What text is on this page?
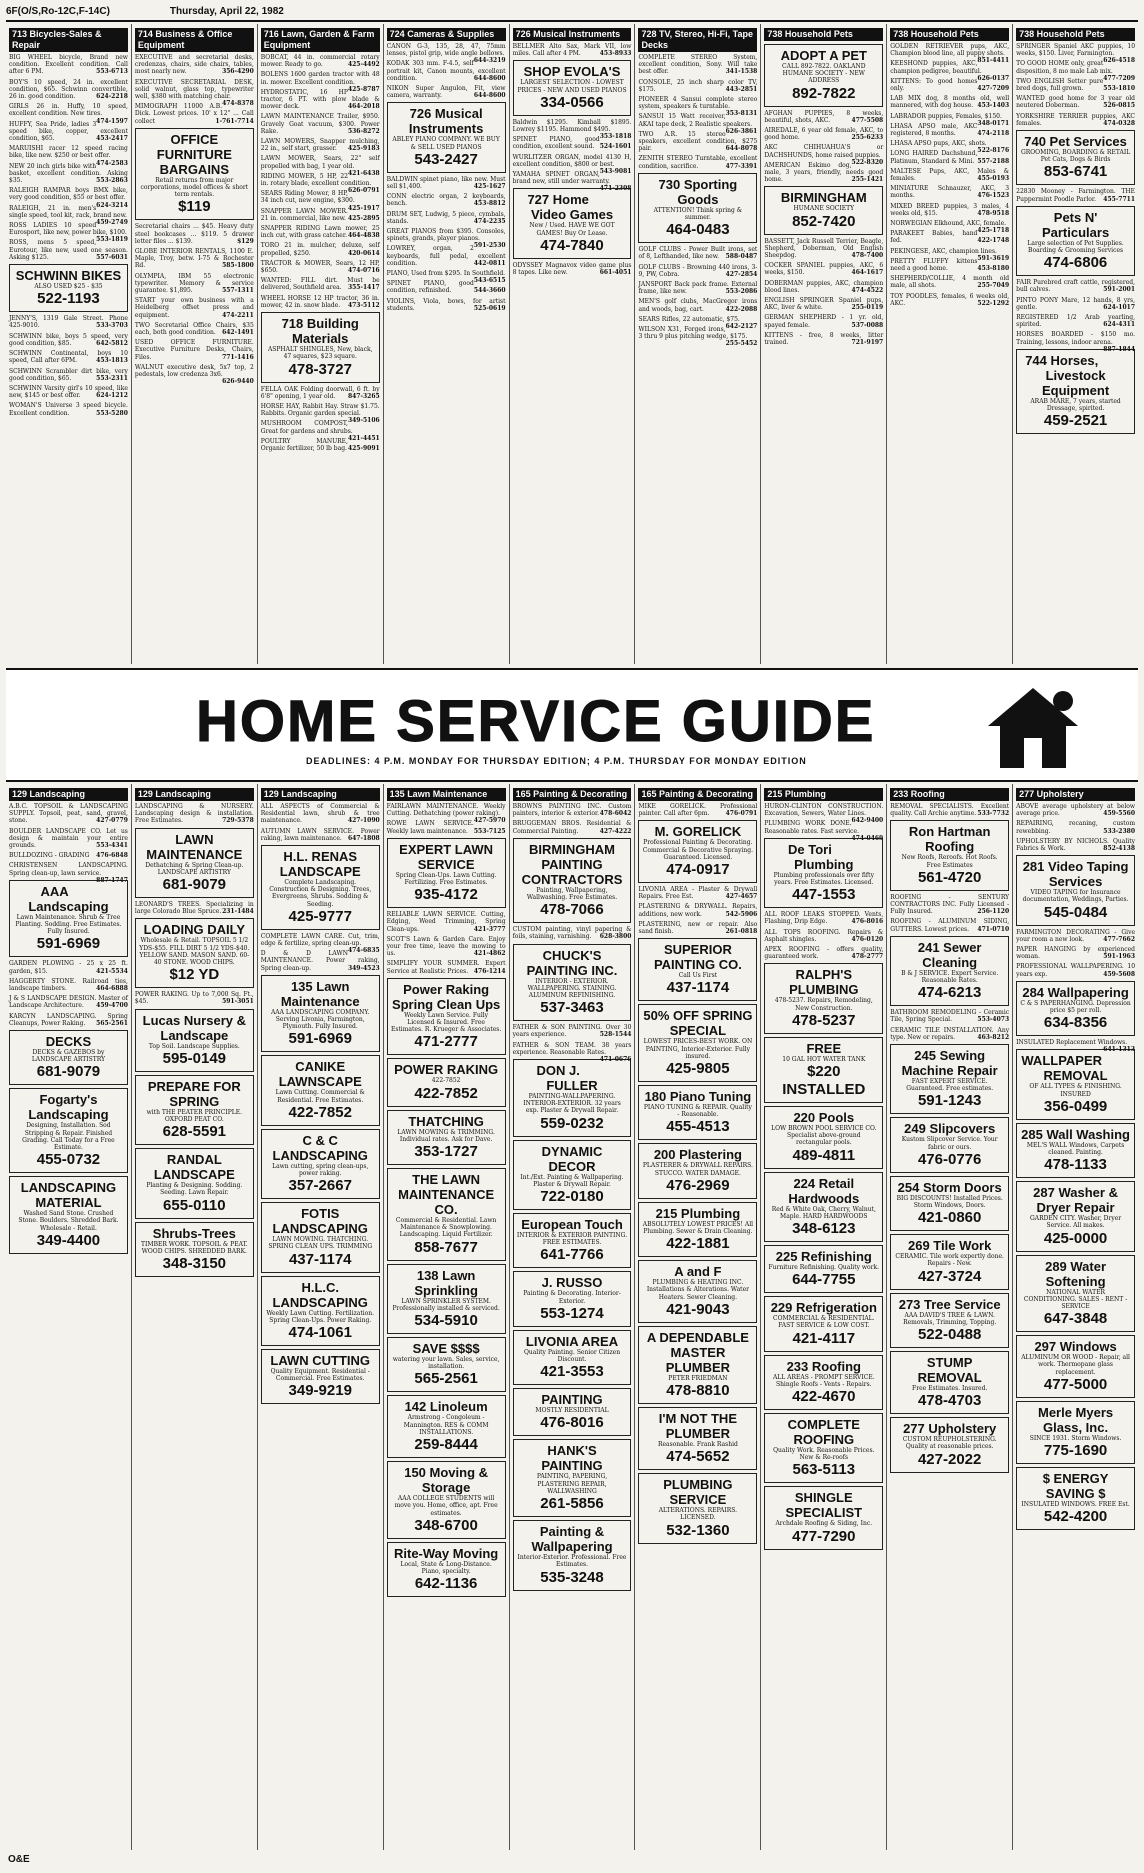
6F(O/S,Ro-12C,F-14C)	Thursday, April 22, 1982
713 Bicycles-Sales & Repair
BIG WHEEL bicycle, Brand new condition. Excellent condition. Call after 6 PM.	553-6713
BOY'S 10 speed, 24 in. excellent condition, $65. Schwinn convertible, 26 in. good condition.	624-2218
GIRLS 26 in. Huffy, 10 speed, excellent condition. New tires.
474-1597
HUFFY, Sea Pride, ladies 3 speed bike, copper, excellent condition, $65.	453-2417
MARUISHI racer 12 speed racing bike, like new. $250 or best offer.
474-2583
NEW 20 inch girls bike with basket, excellent condition. Asking $35.	553-2863
RALEIGH RAMPAR boys BMX bike, very good condition, $55 or best offer.
624-3214
RALEIGH, 21 in. men's single speed, tool kit, rack, brand new.
459-2749
ROSS LADIES 10 speed Eurosport, like new, power bike, $100.
553-1819
ROSS, mens 5 speed, Eurotour, like new, used one season. Asking $125.	557-6031
SCHWINN BIKES
ALSO USED $25 - $35
522-1193
JENNY'S, 1319 Gale Street. Phone 425-9010.	533-3703
SCHWINN bike, boys 5 speed, very good condition, $85.	642-5812
SCHWINN Continental, boys 10 speed, Call after 6PM.	453-1813
SCHWINN Scrambler dirt bike, very good condition, $65.	553-2311
SCHWINN Varsity girl's 10 speed, like new, $145 or best offer.	624-1212
WOMAN'S Universe 3 speed bicycle. Excellent condition.	553-5280
714 Business & Office Equipment
EXECUTIVE and secretarial desks, credenzas, chairs, side chairs, tables, most nearly new.	356-4290
EXECUTIVE SECRETARIAL DESK, solid walnut, glass top, typewriter well, $380 with matching chair.
474-8378
MIMOGRAPH 11000 A.B. Dick. Lowest prices. 10' x 12" ... Call collect	1-761-7714
OFFICE FURNITURE BARGAINS
Retail returns from major corporations, model offices & short term rentals.
$119
Secretarial chairs ... $45. Heavy duty steel bookcases ... $119. 5 drawer letter files ... $139.	$129
GLOBE INTERIOR RENTALS, 1100 E. Maple, Troy, betw. I-75 & Rochester Rd.	585-1800
OLYMPIA, IBM 55 electronic typewriter. Memory & service guarantee. $1,895.	557-1311
START your own business with a Heidelberg offset press and equipment.	474-2211
TWO Secretarial Office Chairs, $35 each, both good condition. 642-1491
USED OFFICE FURNITURE. Executive Furniture Desks, Chairs, Files.	771-1416
WALNUT executive desk, 5x7 top, 2 pedestals, low credenza 3x6.
626-9440
716 Lawn, Garden & Farm Equipment
BOBCAT, 44 in. commercial rotary mower. Ready to go.	425-4492
BOLENS 1600 garden tractor with 48 in. mower. Excellent condition.
425-8787
HYDROSTATIC, 16 HP tractor, 6 PT. with plow blade & mower deck.	464-2018
LAWN MAINTENANCE Trailer, $950. Gravely Goat vacuum, $300. Power Rake.	536-8272
LAWN MOWERS, Snapper mulching, 22 in., self start, grasser. 425-9183
LAWN MOWER, Sears, 22" self propelled with bag, 1 year old.
421-6438
RIDING MOWER, 5 HP, 22 in. rotary blade, excellent condition.
626-0791
SEARS Riding Mower, 8 HP, 34 inch cut, new engine, $300.
425-1917
SNAPPER LAWN MOWER. 21 in. commercial, like new. 425-2895
SNAPPER RIDING Lawn mower, 25 inch cut, with grass catcher. 464-4838
TORO 21 in. mulcher, deluxe, self propelled, $250.	420-0614
TRACTOR & MOWER, Sears, 12 HP, $650.	474-0716
WANTED: FILL dirt. Must be delivered, Southfield area. 355-1417
WHEEL HORSE 12 HP tractor, 36 in. mower, 42 in. snow blade. 473-5112
718 Building Materials
ASPHALT SHINGLES, New, black, 47 squares, $23 square.
478-3727
FELLA OAK Folding doorwall, 6 ft. by 6'8" opening, 1 year old. 847-3265
HORSE HAY, Rabbit Hay. Straw $1.75. Rabbits. Organic garden special.
349-5106
MUSHROOM COMPOST, Great for gardens and shrubs.
421-4451
POULTRY MANURE, Organic fertilizer, 50 lb bag. 425-9091
724 Cameras & Supplies
CANON G-3, 135, 28, 47, 75mm lenses, pistol grip, wide angle bellows.
644-3219
KODAK 303 mm. F-4.5, self portrait kit, Canon mounts, excellent condition.	644-8600
NIKON Super Angulon, Fit, view camera, warranty.	644-8600
726 Musical Instruments
ABLEY PIANO COMPANY. WE BUY & SELL USED PIANOS
543-2427
BALDWIN spinet piano, like new. Must sell $1,400.	425-1627
CONN electric organ, 2 keyboards, bench.	453-8812
DRUM SET, Ludwig, 5 piece, cymbals, stands.	474-2235
GREAT PIANOS from $395. Consoles, spinets, grands, player pianos.
591-2530
LOWREY, organ, 2 keyboards, full pedal, excellent condition.	442-0811
PIANO, Used from $295. In Southfield.
543-6515
SPINET PIANO, good condition, refinished.	544-3660
VIOLINS, Viola, bows, for artist students.	525-0619
726 Musical Instruments
BELLMER Alto Sax, Mark VII, low miles. Call after 4 PM.	453-8933
SHOP EVOLA'S
LARGEST SELECTION - LOWEST PRICES - NEW AND USED PIANOS
334-0566
Baldwin $1295. Kimball $1895. Lowrey $1195. Hammond $495.
353-1818
SPINET PIANO, good condition, excellent sound. 524-1601
WURLITZER ORGAN, model 4130 H, excellent condition, $800 or best.
543-9081
YAMAHA SPINET ORGAN, brand new, still under warranty.
471-2308
727 Home Video Games
New / Used. HAVE WE GOT GAMES! Buy Or Lease.
474-7840
ODYSSEY Magnavox video game plus 8 tapes. Like new.	661-4051
728 TV, Stereo, Hi-Fi, Tape Decks
COMPLETE STEREO System, excellent condition, Sony. Will take best offer.	341-1538
CONSOLE, 25 inch sharp color TV, $175.	443-2851
PIONEER 4 Sansui complete stereo system, speakers & turntable.
353-8131
SANSUI 15 Watt receiver, AKAI tape deck, 2 Realistic speakers.
626-3861
TWO A.R. 15 stereo speakers, excellent condition, $275 pair.	644-8078
ZENITH STEREO Turntable, excellent condition, sacrifice.	477-3391
730 Sporting Goods
ATTENTION! Think spring & summer.
464-0483
GOLF CLUBS - Power Built irons, set of 8, Lefthanded, like new. 588-0487
GOLF CLUBS - Browning 440 irons, 3-9, PW, Cobra.	427-2854
JANSPORT Back pack frame. External frame, like new.	553-2086
MEN'S golf clubs, MacGregor irons and woods, bag, cart.	422-2088
SEARS Rifles, 22 automatic, $75.
642-2127
WILSON X31, Forged irons, 3 thru 9 plus pitching wedge, $175.
255-5452
738 Household Pets
ADOPT A PET
CALL 892-7822. OAKLAND HUMANE SOCIETY - NEW ADDRESS
892-7822
AFGHAN PUPPIES, 8 weeks, beautiful, shots, AKC.	477-5508
AIREDALE, 6 year old female, AKC, to good home.	255-6233
AKC CHIHUAHUA'S or DACHSHUNDS, home raised puppies.
522-8320
AMERICAN Eskimo dog, male, 3 years, friendly, needs good home.	255-1421
BIRMINGHAM
HUMANE SOCIETY
852-7420
BASSETT, Jack Russell Terrier, Beagle, Shepherd, Doberman, Old English Sheepdog.	478-7400
COCKER SPANIEL puppies, AKC, 6 weeks, $150.	464-1617
DOBERMAN puppies, AKC, champion blood lines.	474-4522
ENGLISH SPRINGER Spaniel pups, AKC, liver & white.	255-0119
GERMAN SHEPHERD - 1 yr. old, spayed female.	537-0088
KITTENS - free, 8 weeks, litter trained.	721-9197
738 Household Pets
GOLDEN RETRIEVER pups, AKC, Champion blood line, all puppy shots.
851-4411
KEESHOND puppies, AKC, champion pedigree, beautiful.
626-0137
KITTENS: To good homes only.	427-7209
LAB MIX dog, 8 months old, well mannered, with dog house. 453-1403
LABRADOR puppies, Females, $150.
348-0171
LHASA APSO male, AKC registered, 8 months.	474-2118
LHASA APSO pups, AKC, shots.
522-8176
LONG HAIRED Dachshund, Platinum, Standard & Mini. 557-2188
MALTESE Pups, AKC, Males & females.	455-0193
MINIATURE Schnauzer, AKC, 3 months.	476-1523
MIXED BREED puppies, 3 males, 4 weeks old, $15.	478-9518
NORWEGIAN Elkhound, AKC, female.
425-1718
PARAKEET Babies, hand fed.	422-1748
PEKINGESE, AKC, champion lines.
591-3619
PRETTY FLUFFY kittens need a good home.	453-8180
SHEPHERD/COLLIE, 4 month old male, all shots.	255-7049
TOY POODLES, females, 6 weeks old, AKC.	522-1292
738 Household Pets
SPRINGER Spaniel AKC puppies, 10 weeks, $150. Liver, Farmington.
626-4518
TO GOOD HOME only, great disposition, 8 mo male Lab mix.
477-7209
TWO ENGLISH Setter pure bred dogs, full grown.	553-1810
WANTED good home for 3 year old neutered Doberman.	526-0815
YORKSHIRE TERRIER puppies, AKC females.	474-0328
740 Pet Services
GROOMING, BOARDING & RETAIL Pet Cats, Dogs & Birds
853-6741
22830 Mooney - Farmington. THE Puppermint Poodle Parlor. 455-7711
Pets N' Particulars
Large selection of Pet Supplies. Boarding & Grooming Services
474-6806
FAIR Purebred craft cattle, registered, bull calves.	591-2001
PINTO PONY Mare, 12 hands, 8 yrs, gentle.	624-1017
REGISTERED 1/2 Arab yearling, spirited.	624-4311
HORSES BOARDED - $150 mo. Training, lessons, indoor arena.
887-1844
744 Horses, Livestock Equipment
ARAB MARE, 7 years, started Dressage, spirited.
459-2521
HOME SERVICE GUIDE
DEADLINES: 4 P.M. MONDAY FOR THURSDAY EDITION; 4 P.M. THURSDAY FOR MONDAY EDITION
129 Landscaping
A.B.C. TOPSOIL & LANDSCAPING SUPPLY. Topsoil, peat, sand, gravel, stone.	427-0779
BOULDER LANDSCAPE CO. Let us design & maintain your entire grounds.	553-4341
BULLDOZING - GRADING 476-6848
CHRISTENSEN LANDSCAPING. Spring clean-up, lawn service.
887-1747
AAA Landscaping
Lawn Maintenance. Shrub & Tree Planting. Sodding. Free Estimates. Fully Insured.
591-6969
GARDEN PLOWING - 25 x 25 ft. garden, $15.	421-5534
HAGGERTY STONE. Railroad ties, landscape timbers.	464-6888
J & S LANDSCAPE DESIGN. Master of Landscape Architecture. 459-4700
KARCYN LANDSCAPING. Spring Cleanups, Power Raking. 565-2561
DECKS
DECKS & GAZEBOS by LANDSCAPE ARTISTRY
681-9079
Fogarty's Landscaping
Designing, Installation. Sod Stripping & Repair. Finished Grading. Call Today for a Free Estimate.
455-0732
LANDSCAPING MATERIAL
Washed Sand Stone. Crushed Stone. Boulders. Shredded Bark. Wholesale - Retail.
349-4400
129 Landscaping
LANDSCAPING & NURSERY. Landscaping design & installation. Free Estimates.	729-5378
LAWN MAINTENANCE
Dethatching & Spring Clean-up. LANDSCAPE ARTISTRY
681-9079
LEONARD'S TREES. Specializing in large Colorado Blue Spruce. 231-1484
LOADING DAILY
Wholesale & Retail. TOPSOIL 5 1/2 YDS-$55. FILL DIRT 5 1/2 YDS-$40. YELLOW SAND. MASON SAND. 60-40 STONE. WOOD CHIPS.
$12 YD
POWER RAKING. Up to 7,000 Sq. Ft., $45.	591-3051
Lucas Nursery & Landscape
Top Soil. Landscape Supplies.
595-0149
PREPARE FOR SPRING
with THE PEATER PRINCIPLE. OXFORD PEAT CO.
628-5591
RANDAL LANDSCAPE
Planting & Designing. Sodding. Seeding. Lawn Repair.
655-0110
Shrubs-Trees
TIMBER WORK. TOPSOIL & PEAT. WOOD CHIPS. SHREDDED BARK.
348-3150
129 Landscaping
ALL ASPECTS of Commercial & Residential lawn, shrub & tree maintenance.	427-1090
AUTUMN LAWN SERVICE. Power raking, lawn maintenance. 647-1808
H.L. RENAS LANDSCAPE
Complete Landscaping. Construction & Designing. Trees, Evergreens, Shrubs. Sodding & Seeding.
425-9777
COMPLETE LAWN CARE. Cut, trim, edge & fertilize, spring clean-up.
474-6835
D & D LAWN MAINTENANCE. Power raking, Spring clean-up.	349-4523
135 Lawn Maintenance
AAA LANDSCAPING COMPANY. Serving Livonia, Farmington, Plymouth. Fully Insured.
591-6969
CANIKE LAWNSCAPE
Lawn Cutting. Commercial & Residential. Free Estimates.
422-7852
C & C LANDSCAPING
Lawn cutting, spring clean-ups, power raking.
357-2667
FOTIS LANDSCAPING
LAWN MOWING. THATCHING. SPRING CLEAN UPS. TRIMMING
437-1174
H.L.C. LANDSCAPING
Weekly Lawn Cutting. Fertilization. Spring Clean-Ups. Power Raking.
474-1061
LAWN CUTTING
Quality Equipment. Residential - Commercial. Free Estimates.
349-9219
135 Lawn Maintenance
FAIRLAWN MAINTENANCE. Weekly Cutting. Dethatching (power raking).
427-5970
ROWE LAWN SERVICE. Weekly lawn maintenance. 553-7125
EXPERT LAWN SERVICE
Spring Clean-Ups. Lawn Cutting. Fertilizing. Free Estimates.
935-4172
RELIABLE LAWN SERVICE. Cutting, Edging, Weed Trimming, Spring Clean-ups.	421-3777
SCOT'S Lawn & Garden Care. Enjoy your free time, leave the mowing to us.	421-4862
SIMPLIFY YOUR SUMMER. Expert Service at Realistic Prices. 476-1214
Power Raking Spring Clean Ups
Weekly Lawn Service. Fully Licensed & Insured. Free Estimates. R. Krueger & Associates.
471-2777
POWER RAKING
422-7852
422-7852
THATCHING
LAWN MOWING & TRIMMING. Individual rates. Ask for Dave.
353-1727
THE LAWN MAINTENANCE CO.
Commercial & Residential. Lawn Maintenance & Snowplowing. Landscaping. Liquid Fertilizer.
858-7677
138 Lawn Sprinkling
LAWN SPRINKLER SYSTEM. Professionally installed & serviced.
534-5910
SAVE $$$$
watering your lawn. Sales, service, installation.
565-2561
142 Linoleum
Armstrong - Congoleum - Mannington. RES & COMM INSTALLATIONS.
259-8444
150 Moving & Storage
AAA COLLEGE STUDENTS will move you. Home, office, apt. Free estimates.
348-6700
Rite-Way Moving
Local, State & Long-Distance. Piano, specialty.
642-1136
165 Painting & Decorating
BROWNS PAINTING INC. Custom painters, interior & exterior. 478-6042
BRUGGEMAN BROS. Residential & Commercial Painting.	427-4222
BIRMINGHAM PAINTING CONTRACTORS
Painting, Wallpapering, Wallwashing. Free Estimates.
478-7066
CUSTOM painting, vinyl papering & foils, staining, varnishing. 628-3800
CHUCK'S PAINTING INC.
INTERIOR - EXTERIOR. WALLPAPERING. STAINING. ALUMINUM REFINISHING.
537-3463
FATHER & SON PAINTING. Over 30 years experience.	528-1544
FATHER & SON TEAM. 38 years experience. Reasonable Rates.
471-0676
DON J. FULLER
PAINTING-WALLPAPERING. INTERIOR-EXTERIOR. 32 years exp. Plaster & Drywall Repair.
559-0232
DYNAMIC DECOR
Int./Ext. Painting & Wallpapering. Plaster & Drywall Repair.
722-0180
European Touch
INTERIOR & EXTERIOR PAINTING. FREE ESTIMATES.
641-7766
J. RUSSO
Painting & Decorating. Interior-Exterior.
553-1274
LIVONIA AREA
Quality Painting. Senior Citizen Discount.
421-3553
PAINTING
MOSTLY RESIDENTIAL
476-8016
HANK'S PAINTING
PAINTING, PAPERING, PLASTERING REPAIR, WALLWASHING
261-5856
Painting & Wallpapering
Interior-Exterior. Professional. Free Estimates.
535-3248
165 Painting & Decorating
MIKE GORELICK. Professional painter. Call after 6pm.	476-0791
M. GORELICK
Professional Painting & Decorating. Commercial & Decorative Spraying. Guaranteed. Licensed.
474-0917
LIVONIA AREA - Plaster & Drywall Repairs. Free Est.	427-4657
PLASTERING & DRYWALL. Repairs, additions, new work.	542-5906
PLASTERING, new or repair. Also sand finish.	261-0818
SUPERIOR PAINTING CO.
Call Us First
437-1174
50% OFF SPRING SPECIAL
LOWEST PRICES-BEST WORK. ON PAINTING, Interior-Exterior. Fully insured.
425-9805
180 Piano Tuning
PIANO TUNING & REPAIR. Quality - Reasonable.
455-4513
200 Plastering
PLASTERER & DRYWALL REPAIRS. STUCCO. WATER DAMAGE.
476-2969
215 Plumbing
ABSOLUTELY LOWEST PRICES! All Plumbing. Sewer & Drain Cleaning.
422-1881
A and F
PLUMBING & HEATING INC. Installations & Alterations. Water Heaters. Sewer Cleaning.
421-9043
A DEPENDABLE MASTER PLUMBER
PETER FRIEDMAN
478-8810
I'M NOT THE PLUMBER
Reasonable. Frank Rashid
474-5652
PLUMBING SERVICE
ALTERATIONS. REPAIRS. LICENSED.
532-1360
215 Plumbing
HURON-CLINTON CONSTRUCTION. Excavation, Sewers, Water Lines.
642-9400
PLUMBING WORK DONE. Reasonable rates. Fast service.
474-0469
De Tori Plumbing
Plumbing professionals over fifty years. Free Estimates. Licensed.
447-1553
ALL ROOF LEAKS STOPPED. Vents, Flashing, Drip Edge.	476-8016
ALL TOPS ROOFING. Repairs & Asphalt shingles.	476-0120
APEX ROOFING - offers quality, guaranteed work.	478-2777
RALPH'S PLUMBING
478-5237. Repairs, Remodeling, New Construction.
478-5237
FREE
10 GAL HOT WATER TANK
$220 INSTALLED
220 Pools
LOW BROWN POOL SERVICE CO. Specialist above-ground rectangular pools.
489-4811
224 Retail Hardwoods
Red & White Oak, Cherry, Walnut, Maple. HARD HARDWOODS
348-6123
225 Refinishing
Furniture Refinishing. Quality work.
644-7755
229 Refrigeration
COMMERCIAL & RESIDENTIAL. FAST SERVICE & LOW COST.
421-4117
233 Roofing
ALL AREAS - PROMPT SERVICE. Shingle Roofs - Vents - Repairs.
422-4670
COMPLETE ROOFING
Quality Work. Reasonable Prices. New & Re-roofs
563-5113
SHINGLE SPECIALIST
Archdale Roofing & Siding, Inc.
477-7290
233 Roofing
REMOVAL SPECIALISTS. Excellent quality. Call Archie anytime. 533-7732
Ron Hartman Roofing
New Roofs, Reroofs. Hot Roofs. Free Estimates
561-4720
ROOFING - SENTURY CONTRACTORS INC. Fully Licensed - Fully Insured.	256-1120
ROOFING - ALUMINUM SIDING, GUTTERS. Lowest prices. 471-0710
241 Sewer Cleaning
B & J SERVICE. Expert Service. Reasonable Rates.
474-6213
BATHROOM REMODELING - Ceramic Tile, Spring Special.	553-4073
CERAMIC TILE INSTALLATION. Any type. New or repairs.	463-8212
245 Sewing Machine Repair
FAST EXPERT SERVICE. Guaranteed. Free estimates.
591-1243
249 Slipcovers
Kustom Slipcover Service. Your fabric or ours.
476-0776
254 Storm Doors
BIG DISCOUNTS! Installed Prices. Storm Windows, Doors.
421-0860
269 Tile Work
CERAMIC. Tile work expertly done. Repairs - New.
427-3724
273 Tree Service
AAA DAVID'S TREE & LAWN. Removals, Trimming, Topping.
522-0488
STUMP REMOVAL
Free Estimates. Insured.
478-4703
277 Upholstery
CUSTOM REUPHOLSTERING. Quality at reasonable prices.
427-2022
277 Upholstery
ABOVE average upholstery at below average price.	459-5560
REPAIRING, recaning, custom rewebbing.	533-2380
UPHOLSTERY BY NICHOLS. Quality Fabrics & Work.	852-4138
281 Video Taping Services
VIDEO TAPING for Insurance documentation, Weddings, Parties.
545-0484
FARMINGTON DECORATING - Give your room a new look.	477-7662
PAPER HANGING by experienced woman.	591-1963
PROFESSIONAL WALLPAPERING. 10 years exp.	459-5608
284 Wallpapering
C & S PAPERHANGING. Depression price $5 per roll.
634-8356
INSULATED Replacement Windows.
641-1313
WALLPAPER REMOVAL
OF ALL TYPES & FINISHING. INSURED
356-0499
285 Wall Washing
MEL'S WALL Windows, Carpets cleaned. Painting.
478-1133
287 Washer & Dryer Repair
GARDEN CITY. Washer, Dryer Service. All makes.
425-0000
289 Water Softening
NATIONAL WATER CONDITIONING. SALES - RENT - SERVICE
647-3848
297 Windows
ALUMINUM OR WOOD - Repair, all work. Thermopane glass replacement.
477-5000
Merle Myers Glass, Inc.
SINCE 1931. Storm Windows.
775-1690
$ ENERGY SAVING $
INSULATED WINDOWS. FREE Est.
542-4200
O&E
